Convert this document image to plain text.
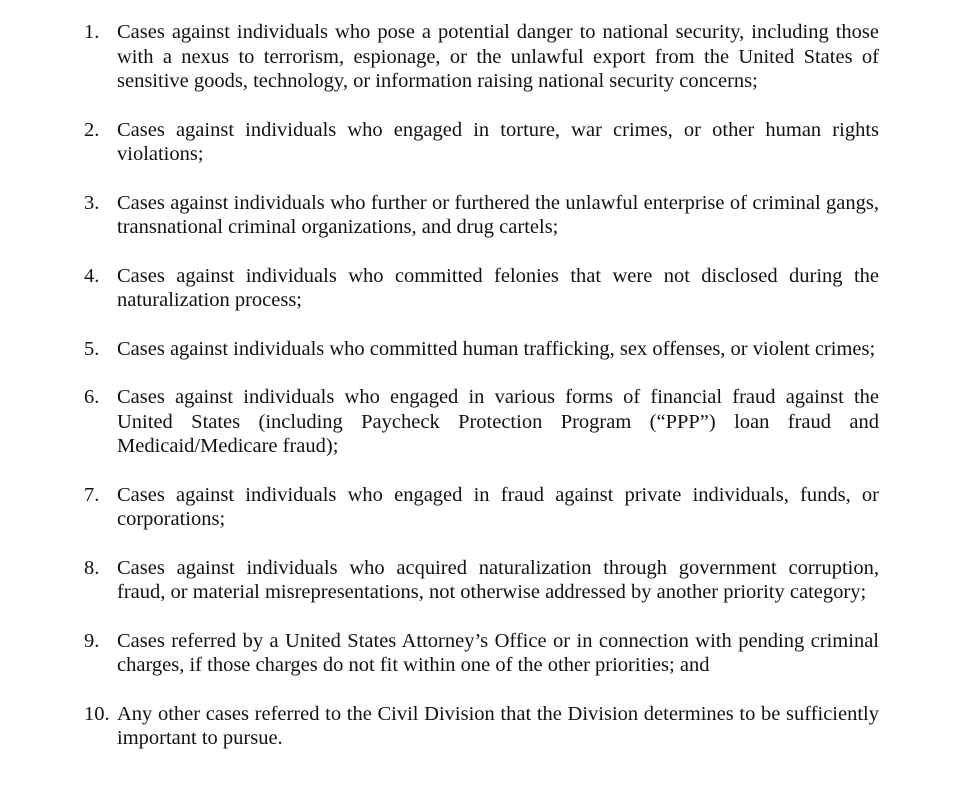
1. Cases against individuals who pose a potential danger to national security, including those with a nexus to terrorism, espionage, or the unlawful export from the United States of sensitive goods, technology, or information raising national security concerns;
2. Cases against individuals who engaged in torture, war crimes, or other human rights violations;
3. Cases against individuals who further or furthered the unlawful enterprise of criminal gangs, transnational criminal organizations, and drug cartels;
4. Cases against individuals who committed felonies that were not disclosed during the naturalization process;
5. Cases against individuals who committed human trafficking, sex offenses, or violent crimes;
6. Cases against individuals who engaged in various forms of financial fraud against the United States (including Paycheck Protection Program (“PPP”) loan fraud and Medicaid/Medicare fraud);
7. Cases against individuals who engaged in fraud against private individuals, funds, or corporations;
8. Cases against individuals who acquired naturalization through government corruption, fraud, or material misrepresentations, not otherwise addressed by another priority category;
9. Cases referred by a United States Attorney’s Office or in connection with pending criminal charges, if those charges do not fit within one of the other priorities; and
10. Any other cases referred to the Civil Division that the Division determines to be sufficiently important to pursue.
